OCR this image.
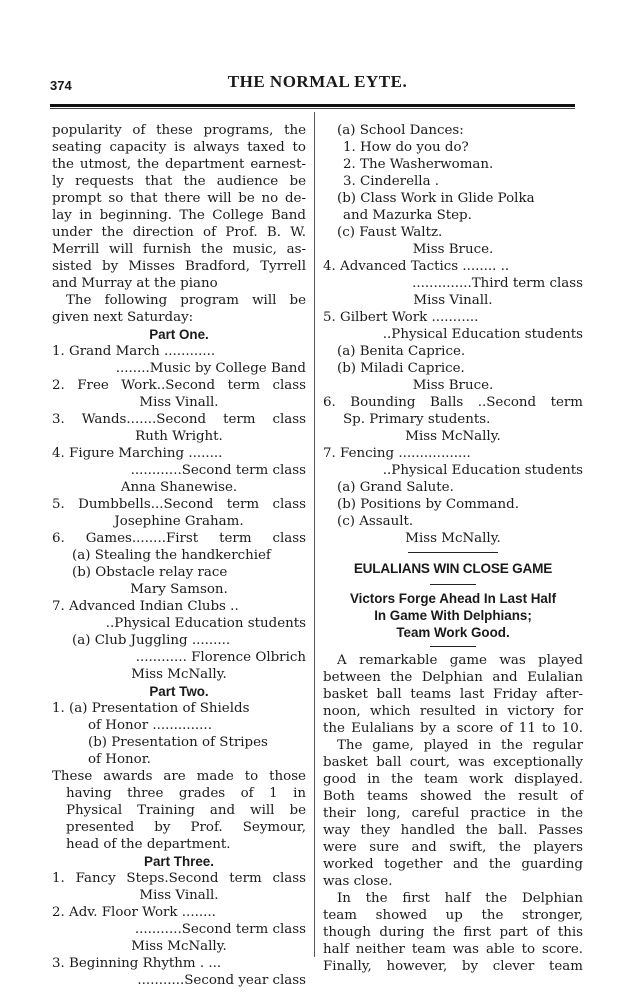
374	THE NORMAL EYTE.
popularity of these programs, the
seating capacity is always taxed to
the utmost, the department earnest-
ly requests that the audience be
prompt so that there will be no de-
lay in beginning. The College Band
under the direction of Prof. B. W.
Merrill will furnish the music, as-
sisted by Misses Bradford, Tyrrell
and Murray at the piano
The following program will be
given next Saturday:
Part One.
1. Grand March ............
........Music by College Band
2. Free Work..Second term class
Miss Vinall.
3. Wands.......Second term class
Ruth Wright.
4. Figure Marching ........
............Second term class
Anna Shanewise.
5. Dumbbells...Second term class
Josephine Graham.
6. Games........First term class
(a) Stealing the handkerchief
(b) Obstacle relay race
Mary Samson.
7. Advanced Indian Clubs ..
..Physical Education students
(a) Club Juggling .........
............ Florence Olbrich
Miss McNally.
Part Two.
1. (a) Presentation of Shields
of Honor ..............
(b) Presentation of Stripes
of Honor.
These awards are made to those
having three grades of 1 in
Physical Training and will be
presented by Prof. Seymour,
head of the department.
Part Three.
1. Fancy Steps.Second term class
Miss Vinall.
2. Adv. Floor Work ........
...........Second term class
Miss McNally.
3. Beginning Rhythm . ...
...........Second year class
(a) School Dances:
1. How do you do?
2. The Washerwoman.
3. Cinderella .
(b) Class Work in Glide Polka
and Mazurka Step.
(c) Faust Waltz.
Miss Bruce.
4. Advanced Tactics ........ ..
..............Third term class
Miss Vinall.
5. Gilbert Work ...........
..Physical Education students
(a) Benita Caprice.
(b) Miladi Caprice.
Miss Bruce.
6. Bounding Balls ..Second term
Sp. Primary students.
Miss McNally.
7. Fencing .................
..Physical Education students
(a) Grand Salute.
(b) Positions by Command.
(c) Assault.
Miss McNally.
EULALIANS WIN CLOSE GAME
Victors Forge Ahead In Last Half
In Game With Delphians;
Team Work Good.
A remarkable game was played
between the Delphian and Eulalian
basket ball teams last Friday after-
noon, which resulted in victory for
the Eulalians by a score of 11 to 10.
The game, played in the regular
basket ball court, was exceptionally
good in the team work displayed.
Both teams showed the result of
their long, careful practice in the
way they handled the ball. Passes
were sure and swift, the players
worked together and the guarding
was close.
In the first half the Delphian
team showed up the stronger,
though during the first part of this
half neither team was able to score.
Finally, however, by clever team
